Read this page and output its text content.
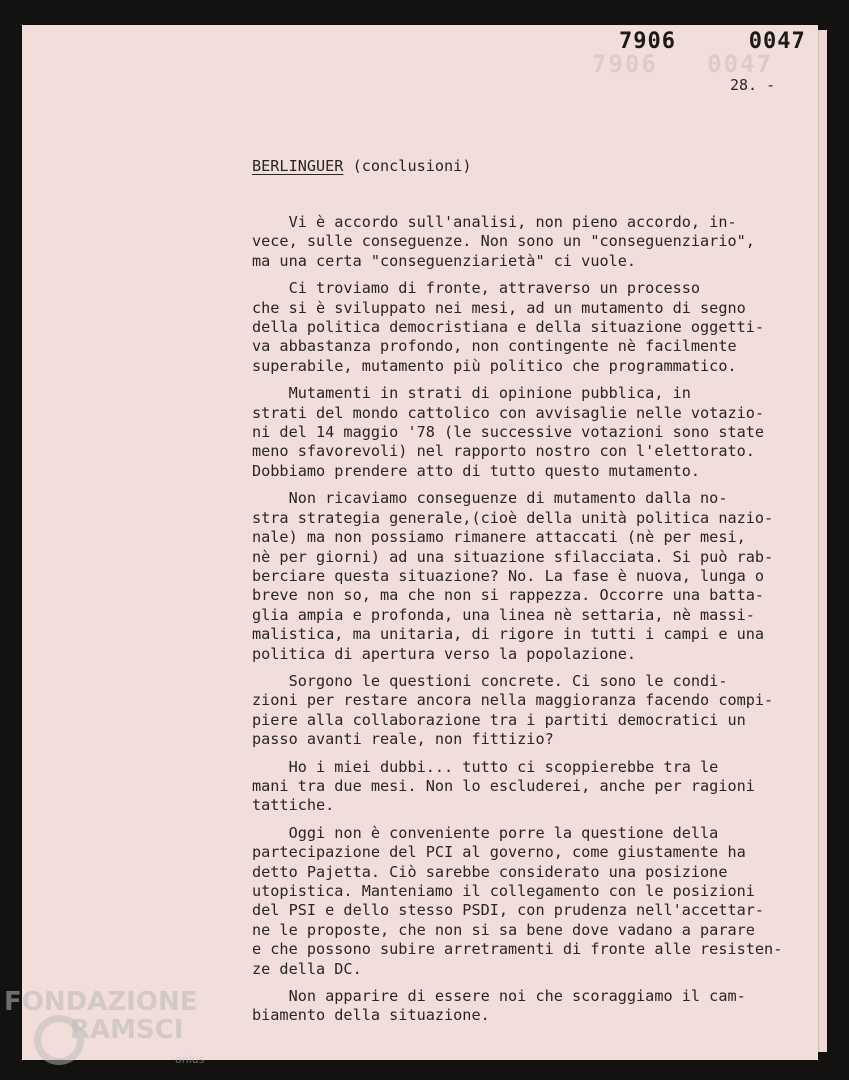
7906   0047
7906   0047
28. -
BERLINGUER (conclusioni)
Vi è accordo sull'analisi, non pieno accordo, in-
vece, sulle conseguenze. Non sono un "conseguenziario",
ma una certa "conseguenziarietà" ci vuole.
Ci troviamo di fronte, attraverso un processo
che si è sviluppato nei mesi, ad un mutamento di segno
della politica democristiana e della situazione oggetti-
va abbastanza profondo, non contingente nè facilmente
superabile, mutamento più politico che programmatico.
Mutamenti in strati di opinione pubblica, in
strati del mondo cattolico con avvisaglie nelle votazio-
ni del 14 maggio '78 (le successive votazioni sono state
meno sfavorevoli) nel rapporto nostro con l'elettorato.
Dobbiamo prendere atto di tutto questo mutamento.
Non ricaviamo conseguenze di mutamento dalla no-
stra strategia generale,(cioè della unità politica nazio-
nale) ma non possiamo rimanere attaccati (nè per mesi,
nè per giorni) ad una situazione sfilacciata. Si può rab-
berciare questa situazione? No. La fase è nuova, lunga o
breve non so, ma che non si rappezza. Occorre una batta-
glia ampia e profonda, una linea nè settaria, nè massi-
malistica, ma unitaria, di rigore in tutti i campi e una
politica di apertura verso la popolazione.
Sorgono le questioni concrete. Ci sono le condi-
zioni per restare ancora nella maggioranza facendo compi-
piere alla collaborazione tra i partiti democratici un
passo avanti reale, non fittizio?
Ho i miei dubbi... tutto ci scoppierebbe tra le
mani tra due mesi. Non lo escluderei, anche per ragioni
tattiche.
Oggi non è conveniente porre la questione della
partecipazione del PCI al governo, come giustamente ha
detto Pajetta. Ciò sarebbe considerato una posizione
utopistica. Manteniamo il collegamento con le posizioni
del PSI e dello stesso PSDI, con prudenza nell'accettar-
ne le proposte, che non si sa bene dove vadano a parare
e che possono subire arretramenti di fronte alle resisten-
ze della DC.
Non apparire di essere noi che scoraggiamo il cam-
biamento della situazione.
FONDAZIONE
RAMSCI
onlus
